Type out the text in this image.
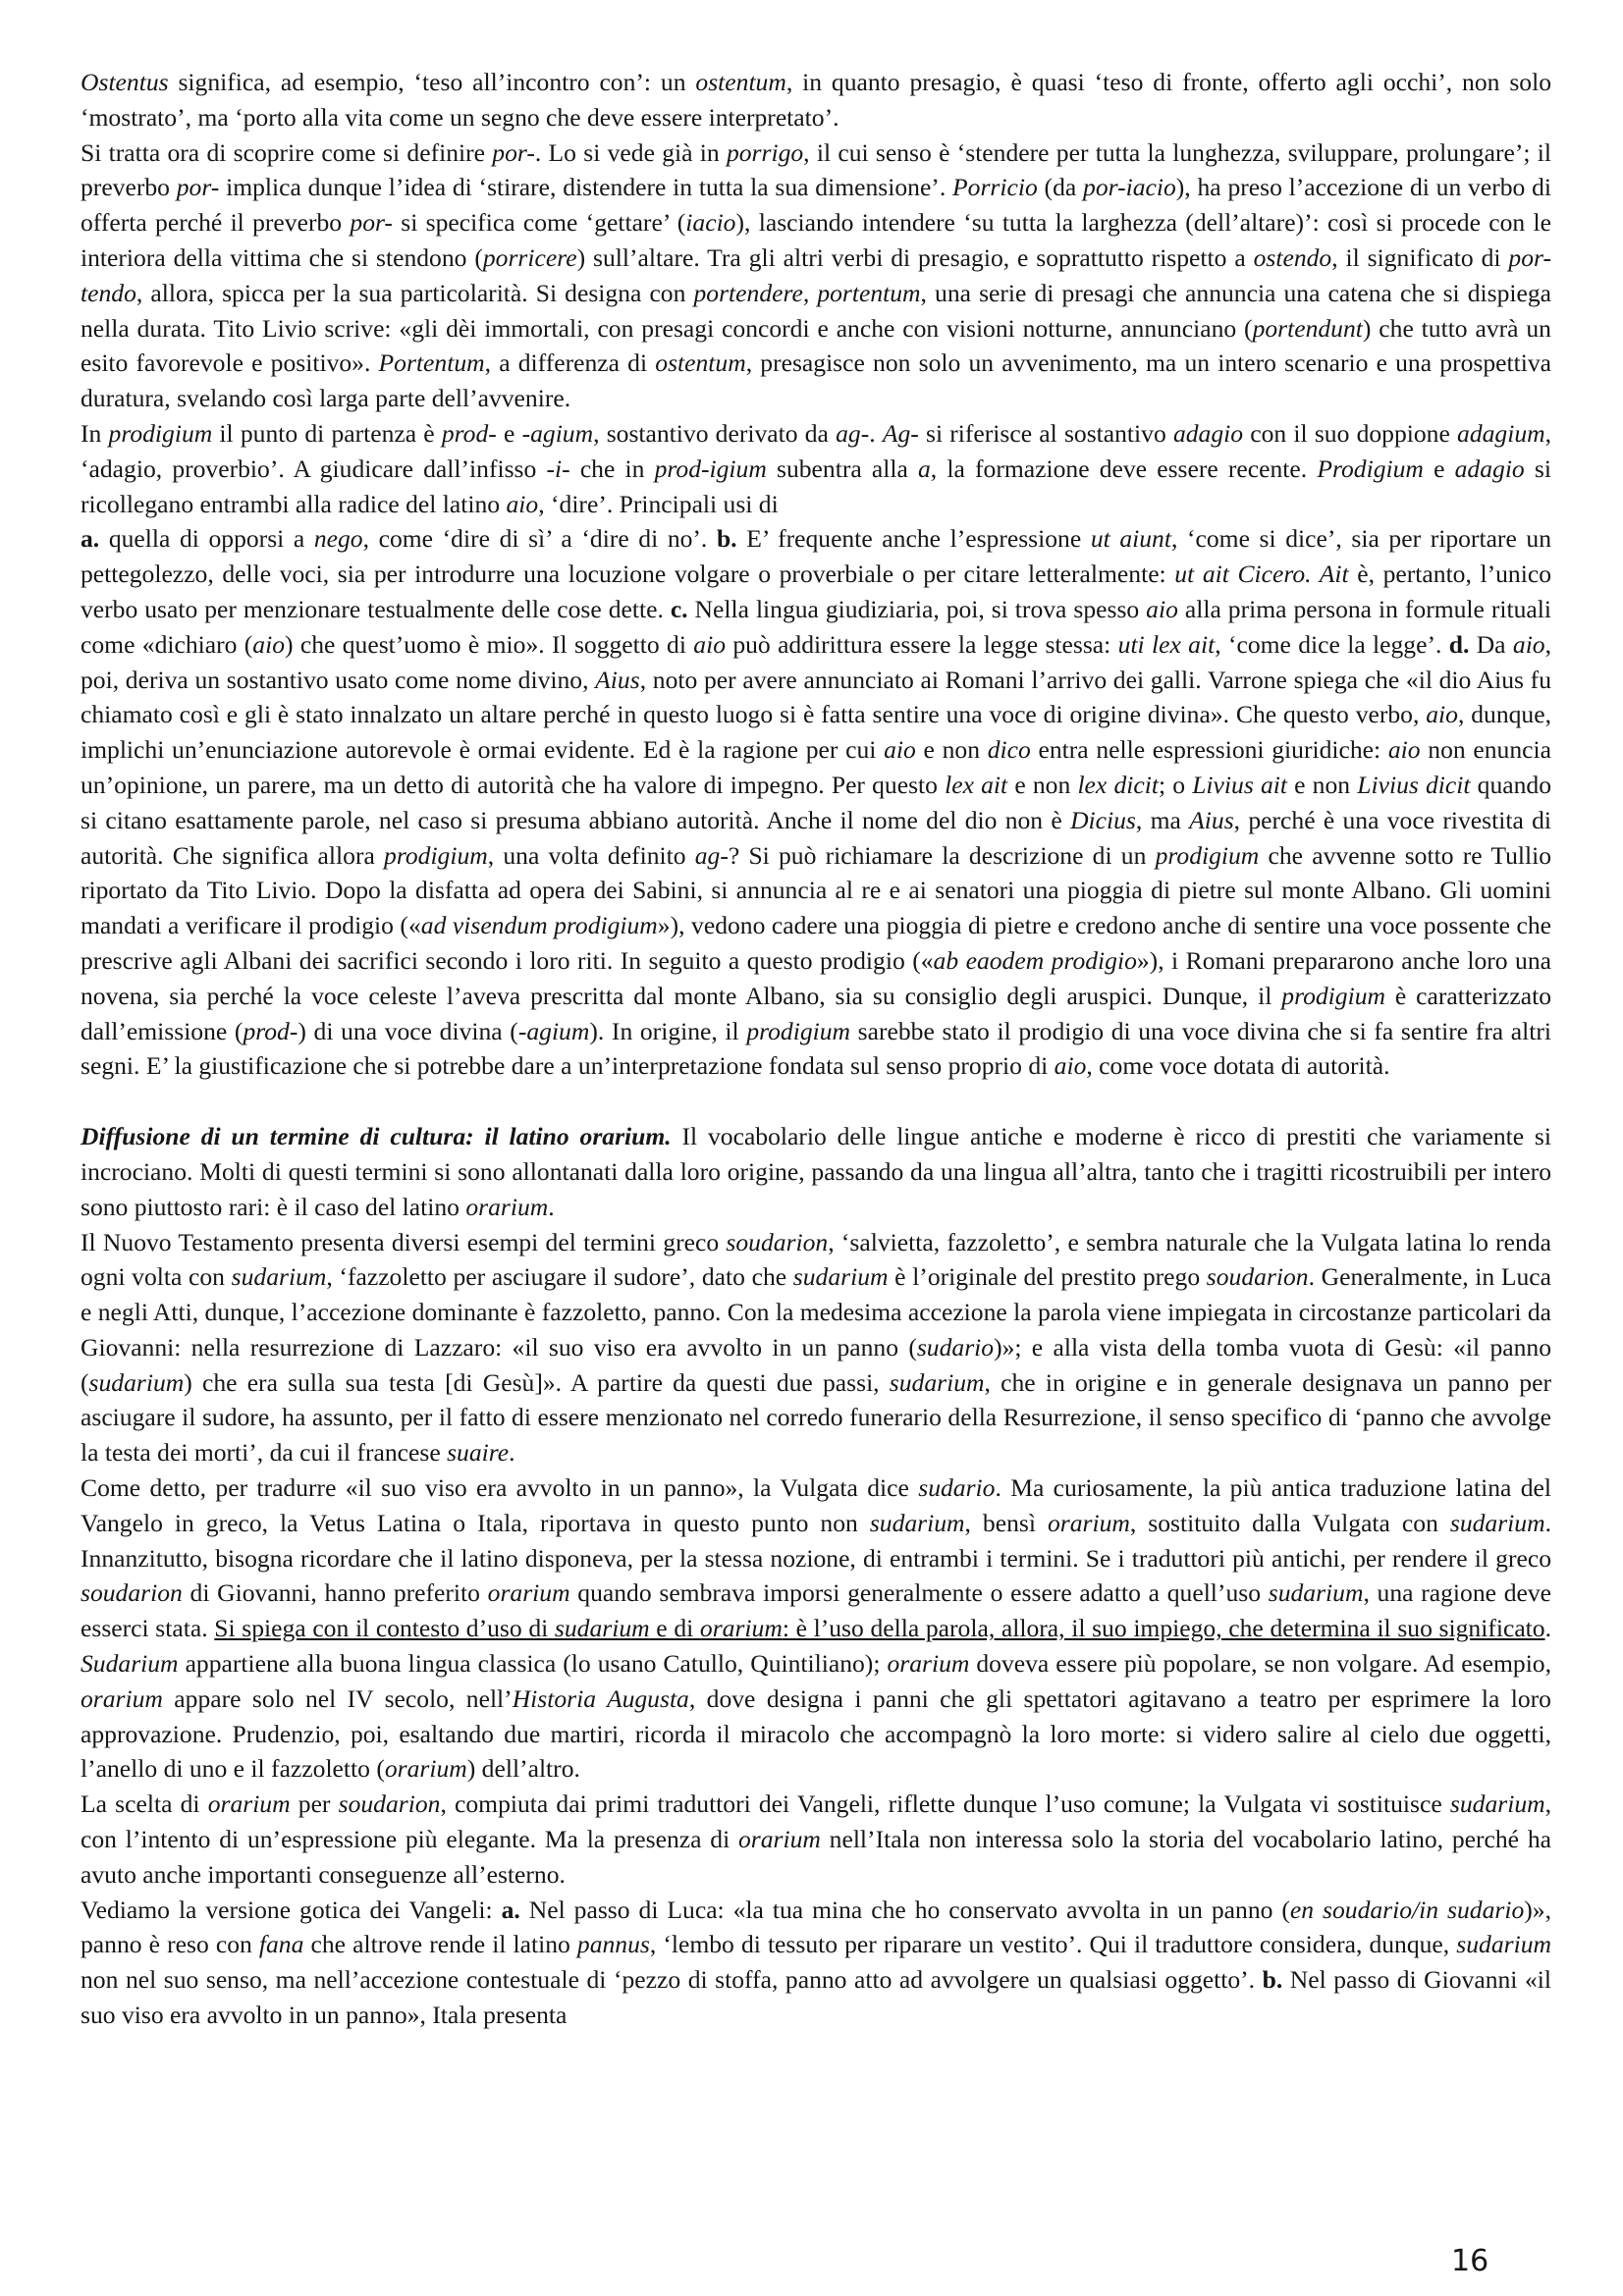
Ostentus significa, ad esempio, ‘teso all’incontro con’: un ostentum, in quanto presagio, è quasi ‘teso di fronte, offerto agli occhi’, non solo ‘mostrato’, ma ‘porto alla vita come un segno che deve essere interpretato’.

Si tratta ora di scoprire come si definire por-. Lo si vede già in porrigo, il cui senso è ‘stendere per tutta la lunghezza, sviluppare, prolungare’; il preverbo por- implica dunque l’idea di ‘stirare, distendere in tutta la sua dimensione’. Porricio (da por-iacio), ha preso l’accezione di un verbo di offerta perché il preverbo por- si specifica come ‘gettare’ (iacio), lasciando intendere ‘su tutta la larghezza (dell’altare)’: così si procede con le interiora della vittima che si stendono (porricere) sull’altare. Tra gli altri verbi di presagio, e soprattutto rispetto a ostendo, il significato di por-tendo, allora, spicca per la sua particolarità. Si designa con portendere, portentum, una serie di presagi che annuncia una catena che si dispiega nella durata. Tito Livio scrive: «gli dèi immortali, con presagi concordi e anche con visioni notturne, annunciano (portendunt) che tutto avrà un esito favorevole e positivo». Portentum, a differenza di ostentum, presagisce non solo un avvenimento, ma un intero scenario e una prospettiva duratura, svelando così larga parte dell’avvenire.

In prodigium il punto di partenza è prod- e -agium, sostantivo derivato da ag-. Ag- si riferisce al sostantivo adagio con il suo doppione adagium, ‘adagio, proverbio’. A giudicare dall’infisso -i- che in prod-igium subentra alla a, la formazione deve essere recente. Prodigium e adagio si ricollegano entrambi alla radice del latino aio, ‘dire’. Principali usi di

a. quella di opporsi a nego, come ‘dire di sì’ a ‘dire di no’. b. E’ frequente anche l’espressione ut aiunt, ‘come si dice’, sia per riportare un pettegolezzo, delle voci, sia per introdurre una locuzione volgare o proverbiale o per citare letteralmente: ut ait Cicero. Ait è, pertanto, l’unico verbo usato per menzionare testualmente delle cose dette. c. Nella lingua giudiziaria, poi, si trova spesso aio alla prima persona in formule rituali come «dichiaro (aio) che quest’uomo è mio». Il soggetto di aio può addirittura essere la legge stessa: uti lex ait, ‘come dice la legge’. d. Da aio, poi, deriva un sostantivo usato come nome divino, Aius, noto per avere annunciato ai Romani l’arrivo dei galli. Varrone spiega che «il dio Aius fu chiamato così e gli è stato innalzato un altare perché in questo luogo si è fatta sentire una voce di origine divina». Che questo verbo, aio, dunque, implichi un’enunciazione autorevole è ormai evidente. Ed è la ragione per cui aio e non dico entra nelle espressioni giuridiche: aio non enuncia un’opinione, un parere, ma un detto di autorità che ha valore di impegno. Per questo lex ait e non lex dicit; o Livius ait e non Livius dicit quando si citano esattamente parole, nel caso si presuma abbiano autorità. Anche il nome del dio non è Dicius, ma Aius, perché è una voce rivestita di autorità. Che significa allora prodigium, una volta definito ag-? Si può richiamare la descrizione di un prodigium che avvenne sotto re Tullio riportato da Tito Livio. Dopo la disfatta ad opera dei Sabini, si annuncia al re e ai senatori una pioggia di pietre sul monte Albano. Gli uomini mandati a verificare il prodigio («ad visendum prodigium»), vedono cadere una pioggia di pietre e credono anche di sentire una voce possente che prescrive agli Albani dei sacrifici secondo i loro riti. In seguito a questo prodigio («ab eaodem prodigio»), i Romani prepararono anche loro una novena, sia perché la voce celeste l’aveva prescritta dal monte Albano, sia su consiglio degli aruspici. Dunque, il prodigium è caratterizzato dall’emissione (prod-) di una voce divina (-agium). In origine, il prodigium sarebbe stato il prodigio di una voce divina che si fa sentire fra altri segni. E’ la giustificazione che si potrebbe dare a un’interpretazione fondata sul senso proprio di aio, come voce dotata di autorità.

Diffusione di un termine di cultura: il latino orarium. Il vocabolario delle lingue antiche e moderne è ricco di prestiti che variamente si incrociano. Molti di questi termini si sono allontanati dalla loro origine, passando da una lingua all’altra, tanto che i tragitti ricostruibili per intero sono piuttosto rari: è il caso del latino orarium.

Il Nuovo Testamento presenta diversi esempi del termini greco soudarion, ‘salvietta, fazzoletto’, e sembra naturale che la Vulgata latina lo renda ogni volta con sudarium, ‘fazzoletto per asciugare il sudore’, dato che sudarium è l’originale del prestito prego soudarion. Generalmente, in Luca e negli Atti, dunque, l’accezione dominante è fazzoletto, panno. Con la medesima accezione la parola viene impiegata in circostanze particolari da Giovanni: nella resurrezione di Lazzaro: «il suo viso era avvolto in un panno (sudario)»; e alla vista della tomba vuota di Gesù: «il panno (sudarium) che era sulla sua testa [di Gesù]». A partire da questi due passi, sudarium, che in origine e in generale designava un panno per asciugare il sudore, ha assunto, per il fatto di essere menzionato nel corredo funerario della Resurrezione, il senso specifico di ‘panno che avvolge la testa dei morti’, da cui il francese suaire.

Come detto, per tradurre «il suo viso era avvolto in un panno», la Vulgata dice sudario. Ma curiosamente, la più antica traduzione latina del Vangelo in greco, la Vetus Latina o Itala, riportava in questo punto non sudarium, bensì orarium, sostituito dalla Vulgata con sudarium. Innanzitutto, bisogna ricordare che il latino disponeva, per la stessa nozione, di entrambi i termini. Se i traduttori più antichi, per rendere il greco soudarion di Giovanni, hanno preferito orarium quando sembrava imporsi generalmente o essere adatto a quell’uso sudarium, una ragione deve esserci stata. Si spiega con il contesto d’uso di sudarium e di orarium: è l’uso della parola, allora, il suo impiego, che determina il suo significato. Sudarium appartiene alla buona lingua classica (lo usano Catullo, Quintiliano); orarium doveva essere più popolare, se non volgare. Ad esempio, orarium appare solo nel IV secolo, nell’Historia Augusta, dove designa i panni che gli spettatori agitavano a teatro per esprimere la loro approvazione. Prudenzio, poi, esaltando due martiri, ricorda il miracolo che accompagnò la loro morte: si videro salire al cielo due oggetti, l’anello di uno e il fazzoletto (orarium) dell’altro.

La scelta di orarium per soudarion, compiuta dai primi traduttori dei Vangeli, riflette dunque l’uso comune; la Vulgata vi sostituisce sudarium, con l’intento di un’espressione più elegante. Ma la presenza di orarium nell’Itala non interessa solo la storia del vocabolario latino, perché ha avuto anche importanti conseguenze all’esterno.

Vediamo la versione gotica dei Vangeli: a. Nel passo di Luca: «la tua mina che ho conservato avvolta in un panno (en soudario/in sudario)», panno è reso con fana che altrove rende il latino pannus, ‘lembo di tessuto per riparare un vestito’. Qui il traduttore considera, dunque, sudarium non nel suo senso, ma nell’accezione contestuale di ‘pezzo di stoffa, panno atto ad avvolgere un qualsiasi oggetto’. b. Nel passo di Giovanni «il suo viso era avvolto in un panno», Itala presenta

16
